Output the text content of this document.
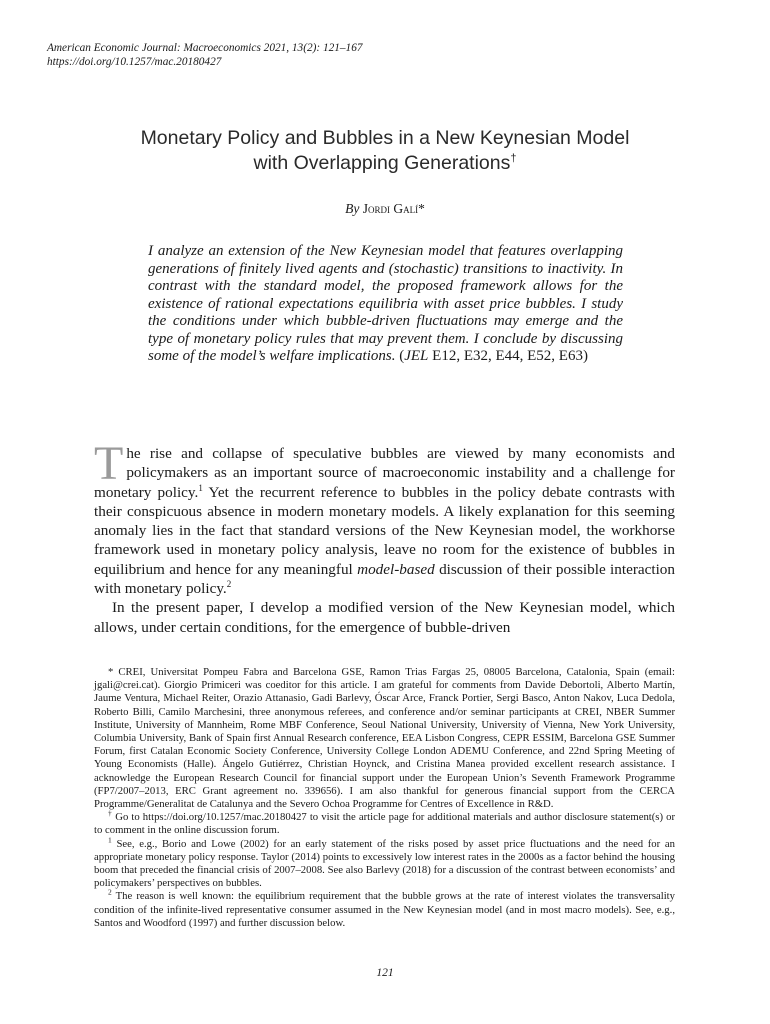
American Economic Journal: Macroeconomics 2021, 13(2): 121–167
https://doi.org/10.1257/mac.20180427
Monetary Policy and Bubbles in a New Keynesian Model
with Overlapping Generations†
By Jordi Galí*
I analyze an extension of the New Keynesian model that features overlapping generations of finitely lived agents and (stochastic) transitions to inactivity. In contrast with the standard model, the proposed framework allows for the existence of rational expectations equilibria with asset price bubbles. I study the conditions under which bubble-driven fluctuations may emerge and the type of monetary policy rules that may prevent them. I conclude by discussing some of the model’s welfare implications. (JEL E12, E32, E44, E52, E63)

The rise and collapse of speculative bubbles are viewed by many economists and policymakers as an important source of macroeconomic instability and a challenge for monetary policy.$^1$ Yet the recurrent reference to bubbles in the policy debate contrasts with their conspicuous absence in modern monetary models. A likely explanation for this seeming anomaly lies in the fact that standard versions of the New Keynesian model, the workhorse framework used in monetary policy analysis, leave no room for the existence of bubbles in equilibrium and hence for any meaningful model-based discussion of their possible interaction with monetary policy.$^2$

In the present paper, I develop a modified version of the New Keynesian model, which allows, under certain conditions, for the emergence of bubble-driven

* CREI, Universitat Pompeu Fabra and Barcelona GSE, Ramon Trias Fargas 25, 08005 Barcelona, Catalonia, Spain (email: jgali@crei.cat). Giorgio Primiceri was coeditor for this article. I am grateful for comments from Davide Debortoli, Alberto Martín, Jaume Ventura, Michael Reiter, Orazio Attanasio, Gadi Barlevy, Óscar Arce, Franck Portier, Sergi Basco, Anton Nakov, Luca Dedola, Roberto Billi, Camilo Marchesini, three anonymous referees, and conference and/or seminar participants at CREI, NBER Summer Institute, University of Mannheim, Rome MBF Conference, Seoul National University, University of Vienna, New York University, Columbia University, Bank of Spain first Annual Research conference, EEA Lisbon Congress, CEPR ESSIM, Barcelona GSE Summer Forum, first Catalan Economic Society Conference, University College London ADEMU Conference, and 22nd Spring Meeting of Young Economists (Halle). Ángelo Gutiérrez, Christian Hoynck, and Cristina Manea provided excellent research assistance. I acknowledge the European Research Council for financial support under the European Union’s Seventh Framework Programme (FP7/2007–2013, ERC Grant agreement no. 339656). I am also thankful for generous financial support from the CERCA Programme/Generalitat de Catalunya and the Severo Ochoa Programme for Centres of Excellence in R&D.

† Go to https://doi.org/10.1257/mac.20180427 to visit the article page for additional materials and author disclosure statement(s) or to comment in the online discussion forum.

$^1$ See, e.g., Borio and Lowe (2002) for an early statement of the risks posed by asset price fluctuations and the need for an appropriate monetary policy response. Taylor (2014) points to excessively low interest rates in the 2000s as a factor behind the housing boom that preceded the financial crisis of 2007–2008. See also Barlevy (2018) for a discussion of the contrast between economists’ and policymakers’ perspectives on bubbles.

$^2$ The reason is well known: the equilibrium requirement that the bubble grows at the rate of interest violates the transversality condition of the infinite-lived representative consumer assumed in the New Keynesian model (and in most macro models). See, e.g., Santos and Woodford (1997) and further discussion below.

121
